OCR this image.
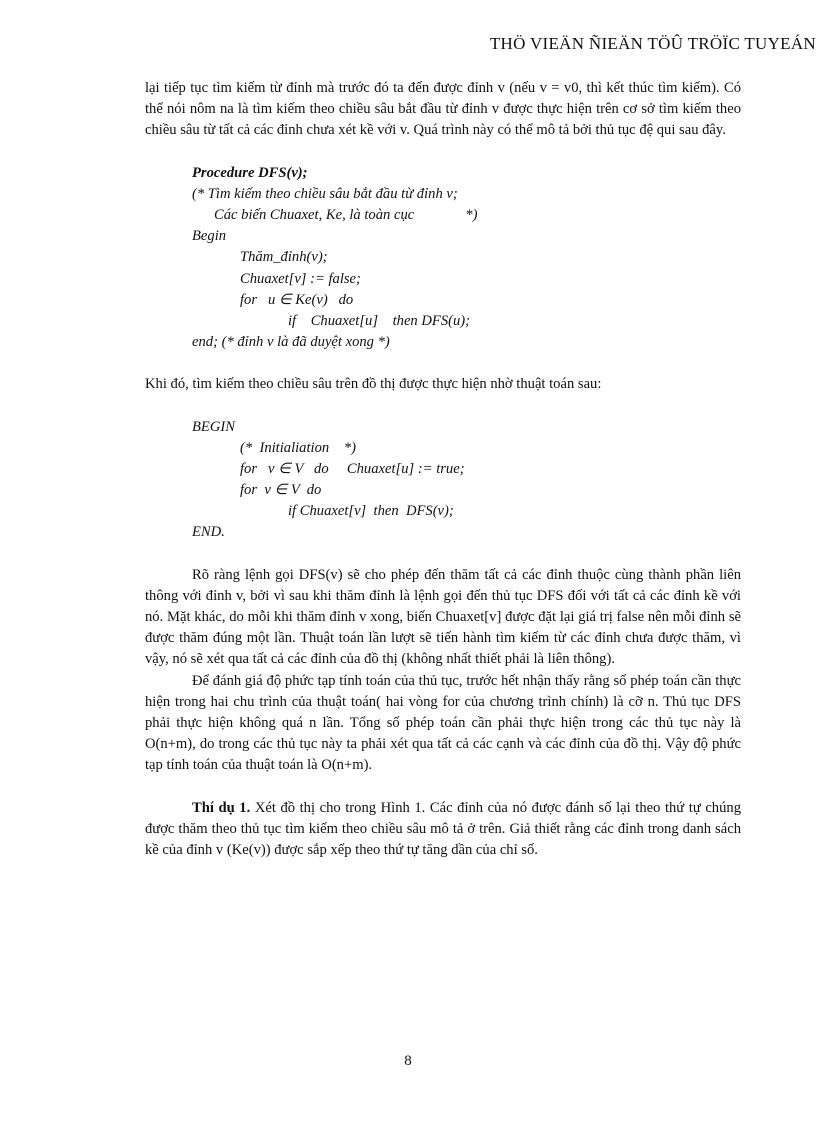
THÖ VIEÄN ÑIEÄN TÖÛ TRÖÏC TUYEÁN

lại tiếp tục tìm kiếm từ đỉnh mà trước đó ta đến được đỉnh v (nếu v = v0, thì kết thúc tìm kiếm). Có thể nói nôm na là tìm kiếm theo chiều sâu bắt đầu từ đỉnh v được thực hiện trên cơ sở tìm kiếm theo chiều sâu từ tất cả các đỉnh chưa xét kề với v. Quá trình này có thể mô tả bởi thủ tục đệ qui sau đây.

Procedure DFS(v);
(* Tìm kiếm theo chiều sâu bắt đầu từ đỉnh v;
Các biến Chuaxet, Ke, là toàn cục              *)
Begin
Thăm_đỉnh(v);
Chuaxet[v] := false;
for   u ∈ Ke(v)   do
if    Chuaxet[u]    then DFS(u);
end; (* đỉnh v là đã duyệt xong *)

Khi đó, tìm kiếm theo chiều sâu trên đồ thị được thực hiện nhờ thuật toán sau:

BEGIN
(*  Initialiation    *)
for   v ∈ V   do     Chuaxet[u] := true;
for  v ∈ V  do
if Chuaxet[v]  then  DFS(v);
END.

Rõ ràng lệnh gọi DFS(v) sẽ cho phép đến thăm tất cả các đỉnh thuộc cùng thành phần liên thông với đỉnh v, bởi vì sau khi thăm đỉnh là lệnh gọi đến thủ tục DFS đối với tất cả các đỉnh kề với nó. Mặt khác, do mỗi khi thăm đỉnh v xong, biến Chuaxet[v] được đặt lại giá trị false nên mỗi đỉnh sẽ được thăm đúng một lần. Thuật toán lần lượt sẽ tiến hành tìm kiếm từ các đỉnh chưa được thăm, vì vậy, nó sẽ xét qua tất cả các đỉnh của đồ thị (không nhất thiết phải là liên thông).

Để đánh giá độ phức tạp tính toán của thủ tục, trước hết nhận thấy rằng số phép toán cần thực hiện trong hai chu trình của thuật toán( hai vòng for của chương trình chính) là cỡ n. Thủ tục DFS phải thực hiện không quá n lần. Tổng số phép toán cần phải thực hiện trong các thủ tục này là O(n+m), do trong các thủ tục này ta phải xét qua tất cả các cạnh và các đỉnh của đồ thị. Vậy độ phức tạp tính toán của thuật toán là O(n+m).

Thí dụ 1. Xét đồ thị cho trong Hình 1. Các đỉnh của nó được đánh số lại theo thứ tự chúng được thăm theo thủ tục tìm kiếm theo chiều sâu mô tả ở trên. Giả thiết rằng các đỉnh trong danh sách kề của đỉnh v (Ke(v)) được sắp xếp theo thứ tự tăng dần của chỉ số.

8
